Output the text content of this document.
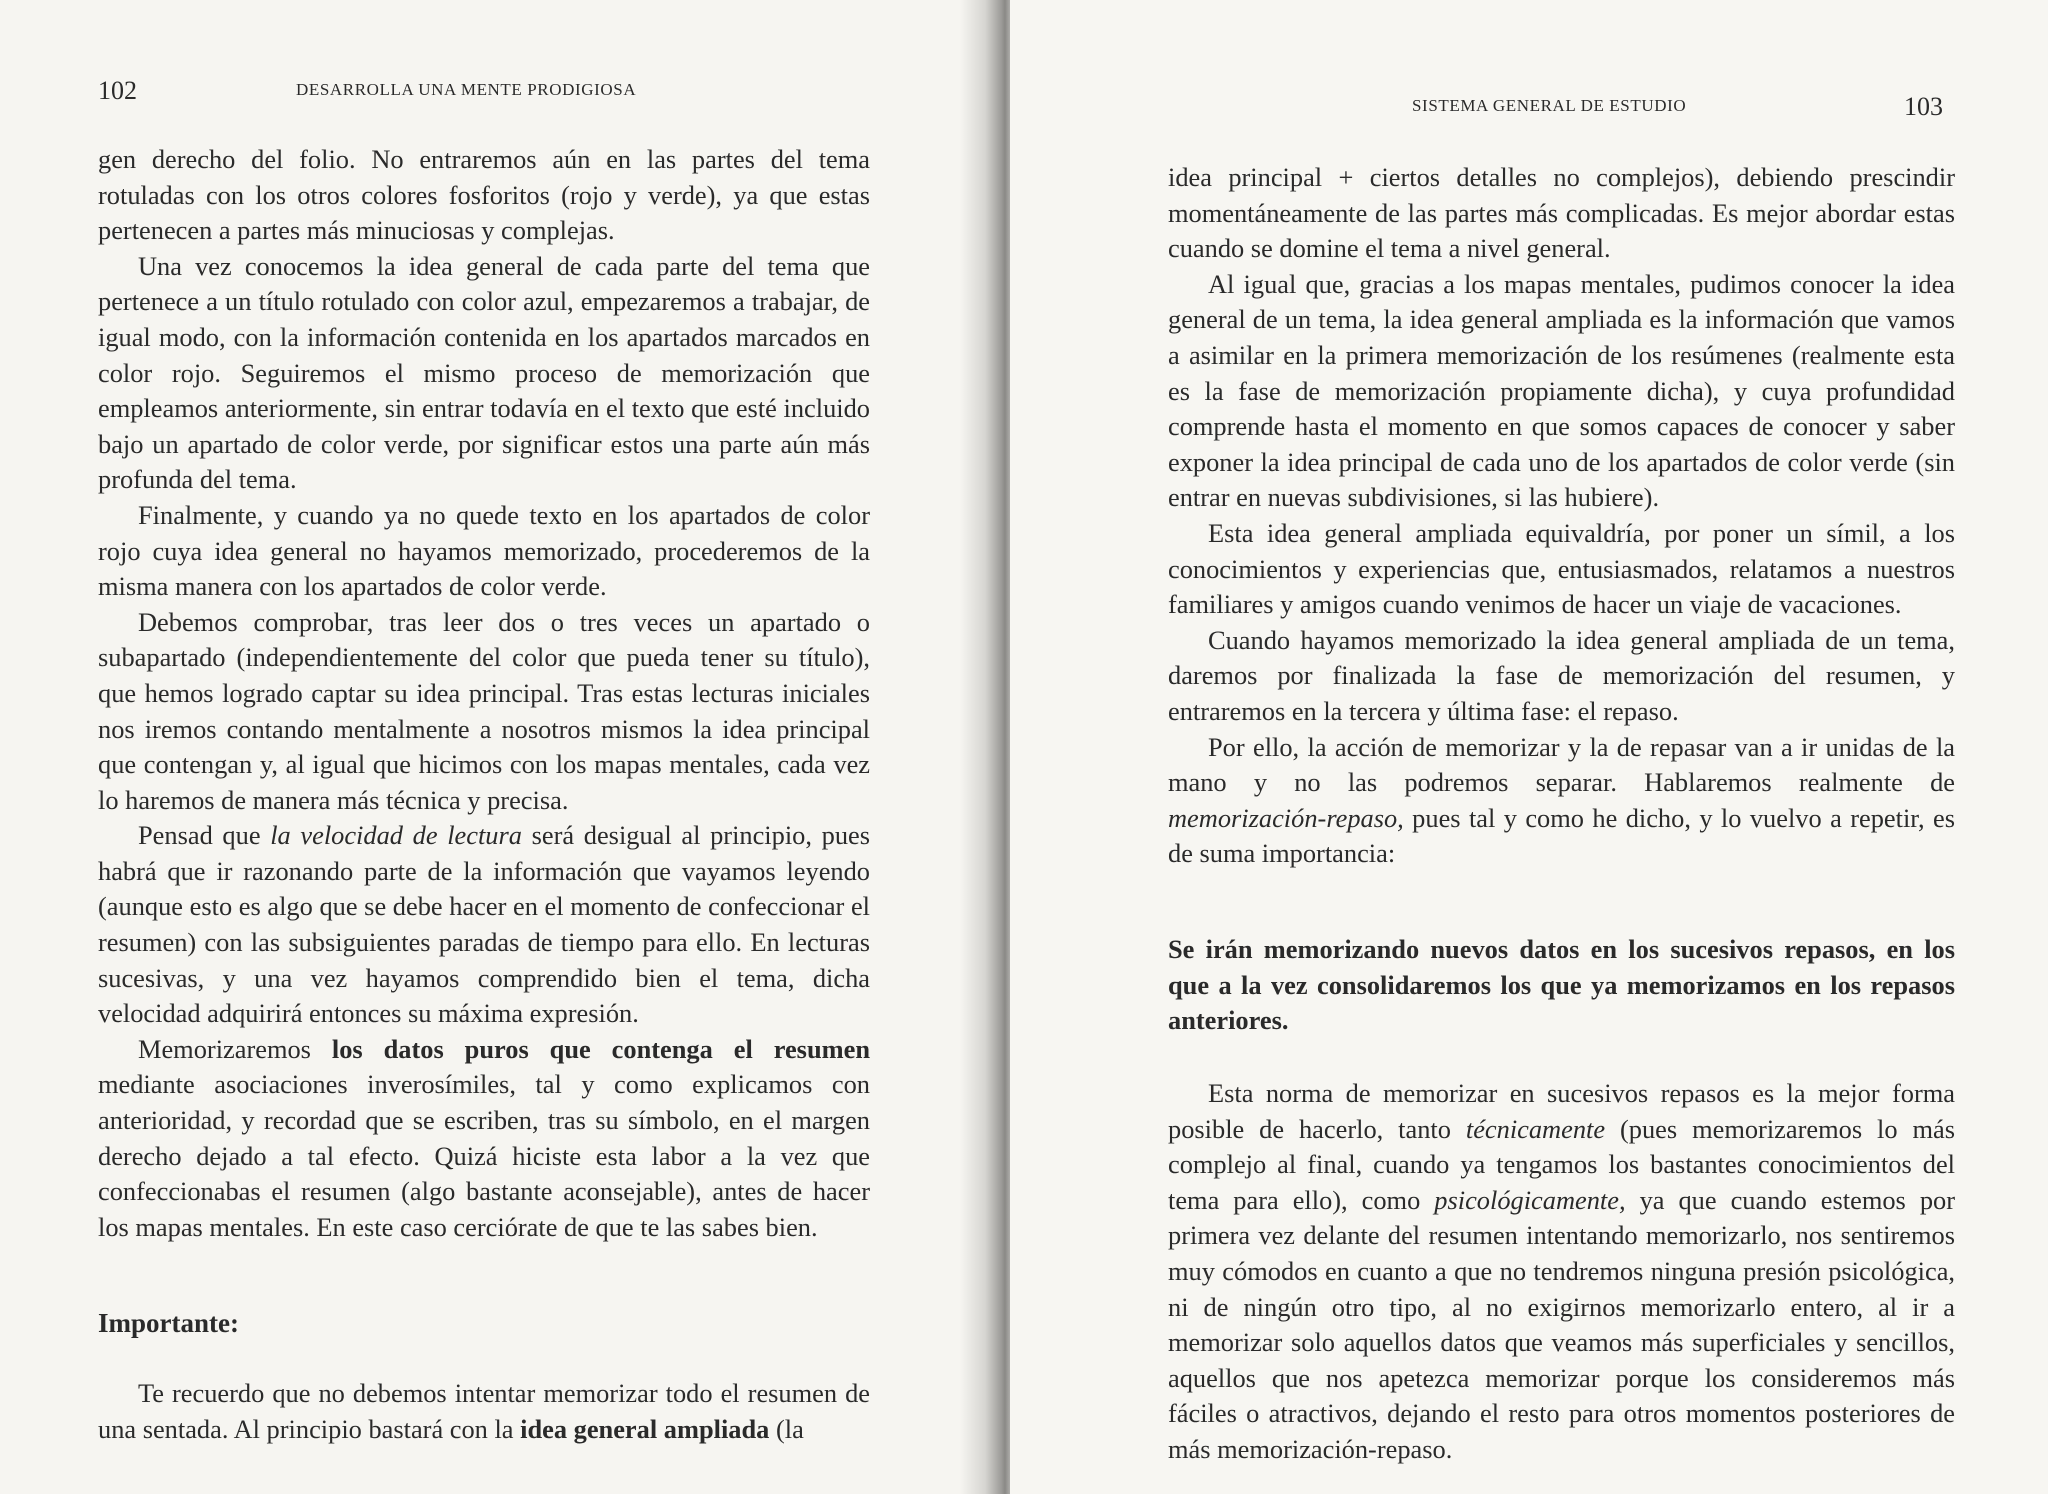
102	DESARROLLA UNA MENTE PRODIGIOSA

gen derecho del folio. No entraremos aún en las partes del tema rotuladas con los otros colores fosforitos (rojo y verde), ya que estas pertenecen a partes más minuciosas y complejas.

Una vez conocemos la idea general de cada parte del tema que pertenece a un título rotulado con color azul, empezaremos a trabajar, de igual modo, con la información contenida en los apartados marcados en color rojo. Seguiremos el mismo proceso de memorización que empleamos anteriormente, sin entrar todavía en el texto que esté incluido bajo un apartado de color verde, por significar estos una parte aún más profunda del tema.

Finalmente, y cuando ya no quede texto en los apartados de color rojo cuya idea general no hayamos memorizado, procederemos de la misma manera con los apartados de color verde.

Debemos comprobar, tras leer dos o tres veces un apartado o subapartado (independientemente del color que pueda tener su título), que hemos logrado captar su idea principal. Tras estas lecturas iniciales nos iremos contando mentalmente a nosotros mismos la idea principal que contengan y, al igual que hicimos con los mapas mentales, cada vez lo haremos de manera más técnica y precisa.

Pensad que la velocidad de lectura será desigual al principio, pues habrá que ir razonando parte de la información que vayamos leyendo (aunque esto es algo que se debe hacer en el momento de confeccionar el resumen) con las subsiguientes paradas de tiempo para ello. En lecturas sucesivas, y una vez hayamos comprendido bien el tema, dicha velocidad adquirirá entonces su máxima expresión.

Memorizaremos los datos puros que contenga el resumen mediante asociaciones inverosímiles, tal y como explicamos con anterioridad, y recordad que se escriben, tras su símbolo, en el margen derecho dejado a tal efecto. Quizá hiciste esta labor a la vez que confeccionabas el resumen (algo bastante aconsejable), antes de hacer los mapas mentales. En este caso cerciórate de que te las sabes bien.

Importante:

Te recuerdo que no debemos intentar memorizar todo el resumen de una sentada. Al principio bastará con la idea general ampliada (la

SISTEMA GENERAL DE ESTUDIO	103

idea principal + ciertos detalles no complejos), debiendo prescindir momentáneamente de las partes más complicadas. Es mejor abordar estas cuando se domine el tema a nivel general.

Al igual que, gracias a los mapas mentales, pudimos conocer la idea general de un tema, la idea general ampliada es la información que vamos a asimilar en la primera memorización de los resúmenes (realmente esta es la fase de memorización propiamente dicha), y cuya profundidad comprende hasta el momento en que somos capaces de conocer y saber exponer la idea principal de cada uno de los apartados de color verde (sin entrar en nuevas subdivisiones, si las hubiere).

Esta idea general ampliada equivaldría, por poner un símil, a los conocimientos y experiencias que, entusiasmados, relatamos a nuestros familiares y amigos cuando venimos de hacer un viaje de vacaciones.

Cuando hayamos memorizado la idea general ampliada de un tema, daremos por finalizada la fase de memorización del resumen, y entraremos en la tercera y última fase: el repaso.

Por ello, la acción de memorizar y la de repasar van a ir unidas de la mano y no las podremos separar. Hablaremos realmente de memorización-repaso, pues tal y como he dicho, y lo vuelvo a repetir, es de suma importancia:

Se irán memorizando nuevos datos en los sucesivos repasos, en los que a la vez consolidaremos los que ya memorizamos en los repasos anteriores.

Esta norma de memorizar en sucesivos repasos es la mejor forma posible de hacerlo, tanto técnicamente (pues memorizaremos lo más complejo al final, cuando ya tengamos los bastantes conocimientos del tema para ello), como psicológicamente, ya que cuando estemos por primera vez delante del resumen intentando memorizarlo, nos sentiremos muy cómodos en cuanto a que no tendremos ninguna presión psicológica, ni de ningún otro tipo, al no exigirnos memorizarlo entero, al ir a memorizar solo aquellos datos que veamos más superficiales y sencillos, aquellos que nos apetezca memorizar porque los consideremos más fáciles o atractivos, dejando el resto para otros momentos posteriores de más memorización-repaso.
